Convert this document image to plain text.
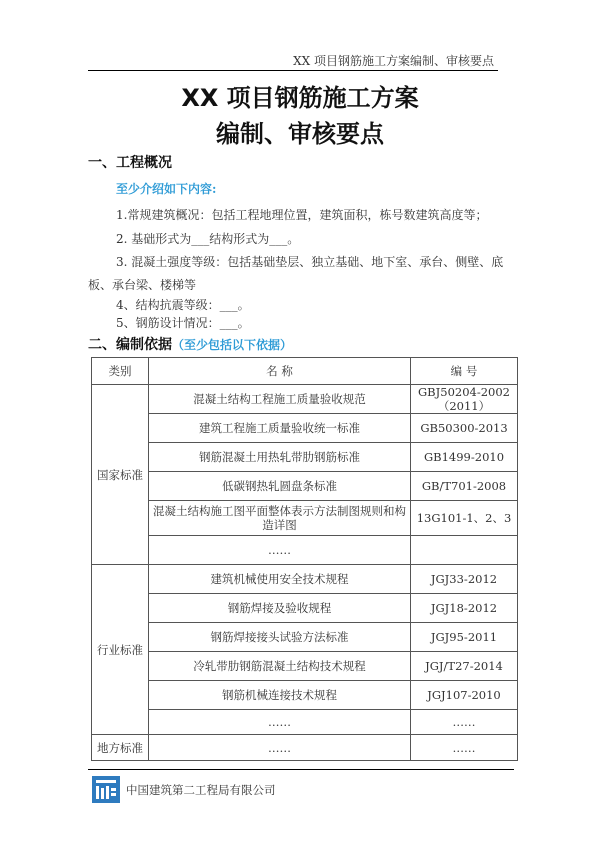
XX 项目钢筋施工方案编制、审核要点
XX 项目钢筋施工方案
编制、审核要点
一、工程概况
至少介绍如下内容:
1.常规建筑概况：包括工程地理位置，建筑面积，栋号数建筑高度等；
2. 基础形式为___结构形式为___。
3. 混凝土强度等级：包括基础垫层、独立基础、地下室、承台、侧壁、底
板、承台梁、楼梯等
4、结构抗震等级：___。
5、钢筋设计情况：___。
二、编制依据（至少包括以下依据）
类别	名 称	编 号
国家标准	混凝土结构工程施工质量验收规范	GBJ50204-2002（2011）
	建筑工程施工质量验收统一标准	GB50300-2013
	钢筋混凝土用热轧带肋钢筋标准	GB1499-2010
	低碳钢热轧圆盘条标准	GB/T701-2008
	混凝土结构施工图平面整体表示方法制图规则和构造详图	13G101-1、2、3
	……	
行业标准	建筑机械使用安全技术规程	JGJ33-2012
	钢筋焊接及验收规程	JGJ18-2012
	钢筋焊接接头试验方法标准	JGJ95-2011
	冷轧带肋钢筋混凝土结构技术规程	JGJ/T27-2014
	钢筋机械连接技术规程	JGJ107-2010
	……	……
地方标准	……	……
中国建筑第二工程局有限公司
